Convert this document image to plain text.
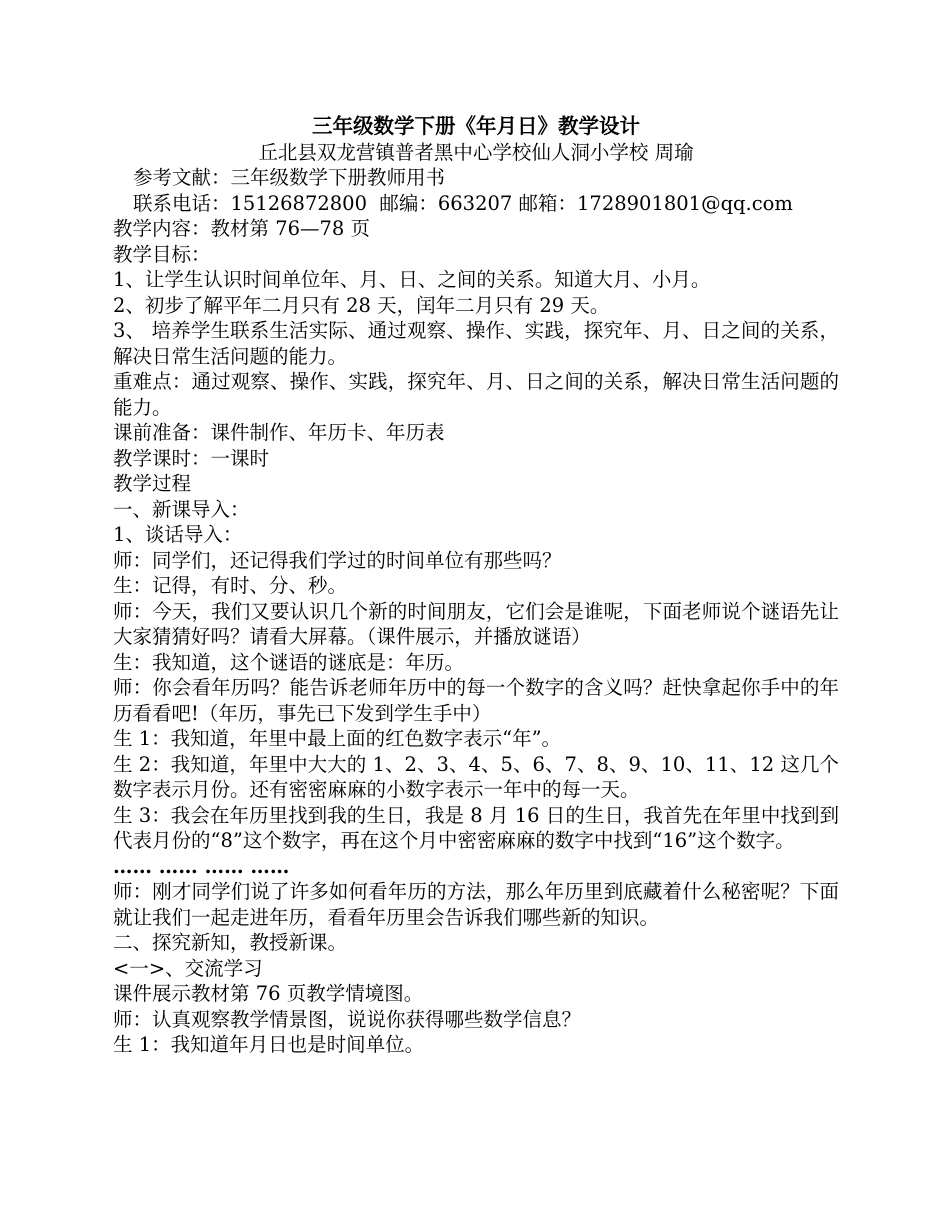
三年级数学下册《年月日》教学设计

丘北县双龙营镇普者黑中心学校仙人洞小学校 周瑜

参考文献：三年级数学下册教师用书

联系电话：15126872800  邮编：663207 邮箱：1728901801@qq.com

教学内容：教材第 76—78 页

教学目标：

1、让学生认识时间单位年、月、日、之间的关系。知道大月、小月。

2、初步了解平年二月只有 28 天，闰年二月只有 29 天。

3、 培养学生联系生活实际、通过观察、操作、实践，探究年、月、日之间的关系，解决日常生活问题的能力。

重难点：通过观察、操作、实践，探究年、月、日之间的关系，解决日常生活问题的能力。

课前准备：课件制作、年历卡、年历表

教学课时：一课时

教学过程

一、新课导入：

1、谈话导入：

师：同学们，还记得我们学过的时间单位有那些吗？

生：记得，有时、分、秒。

师：今天，我们又要认识几个新的时间朋友，它们会是谁呢，下面老师说个谜语先让大家猜猜好吗？请看大屏幕。（课件展示，并播放谜语）

生：我知道，这个谜语的谜底是：年历。

师：你会看年历吗？能告诉老师年历中的每一个数字的含义吗？赶快拿起你手中的年历看看吧!（年历，事先已下发到学生手中）

生 1：我知道，年里中最上面的红色数字表示“年”。

生 2：我知道，年里中大大的 1、2、3、4、5、6、7、8、9、10、11、12 这几个数字表示月份。还有密密麻麻的小数字表示一年中的每一天。

生 3：我会在年历里找到我的生日，我是 8 月 16 日的生日，我首先在年里中找到到代表月份的“8”这个数字，再在这个月中密密麻麻的数字中找到“16”这个数字。

…… …… …… ……

师：刚才同学们说了许多如何看年历的方法，那么年历里到底藏着什么秘密呢？下面就让我们一起走进年历，看看年历里会告诉我们哪些新的知识。

二、探究新知，教授新课。

<一>、交流学习

课件展示教材第 76 页教学情境图。

师：认真观察教学情景图，说说你获得哪些数学信息？

生 1：我知道年月日也是时间单位。
